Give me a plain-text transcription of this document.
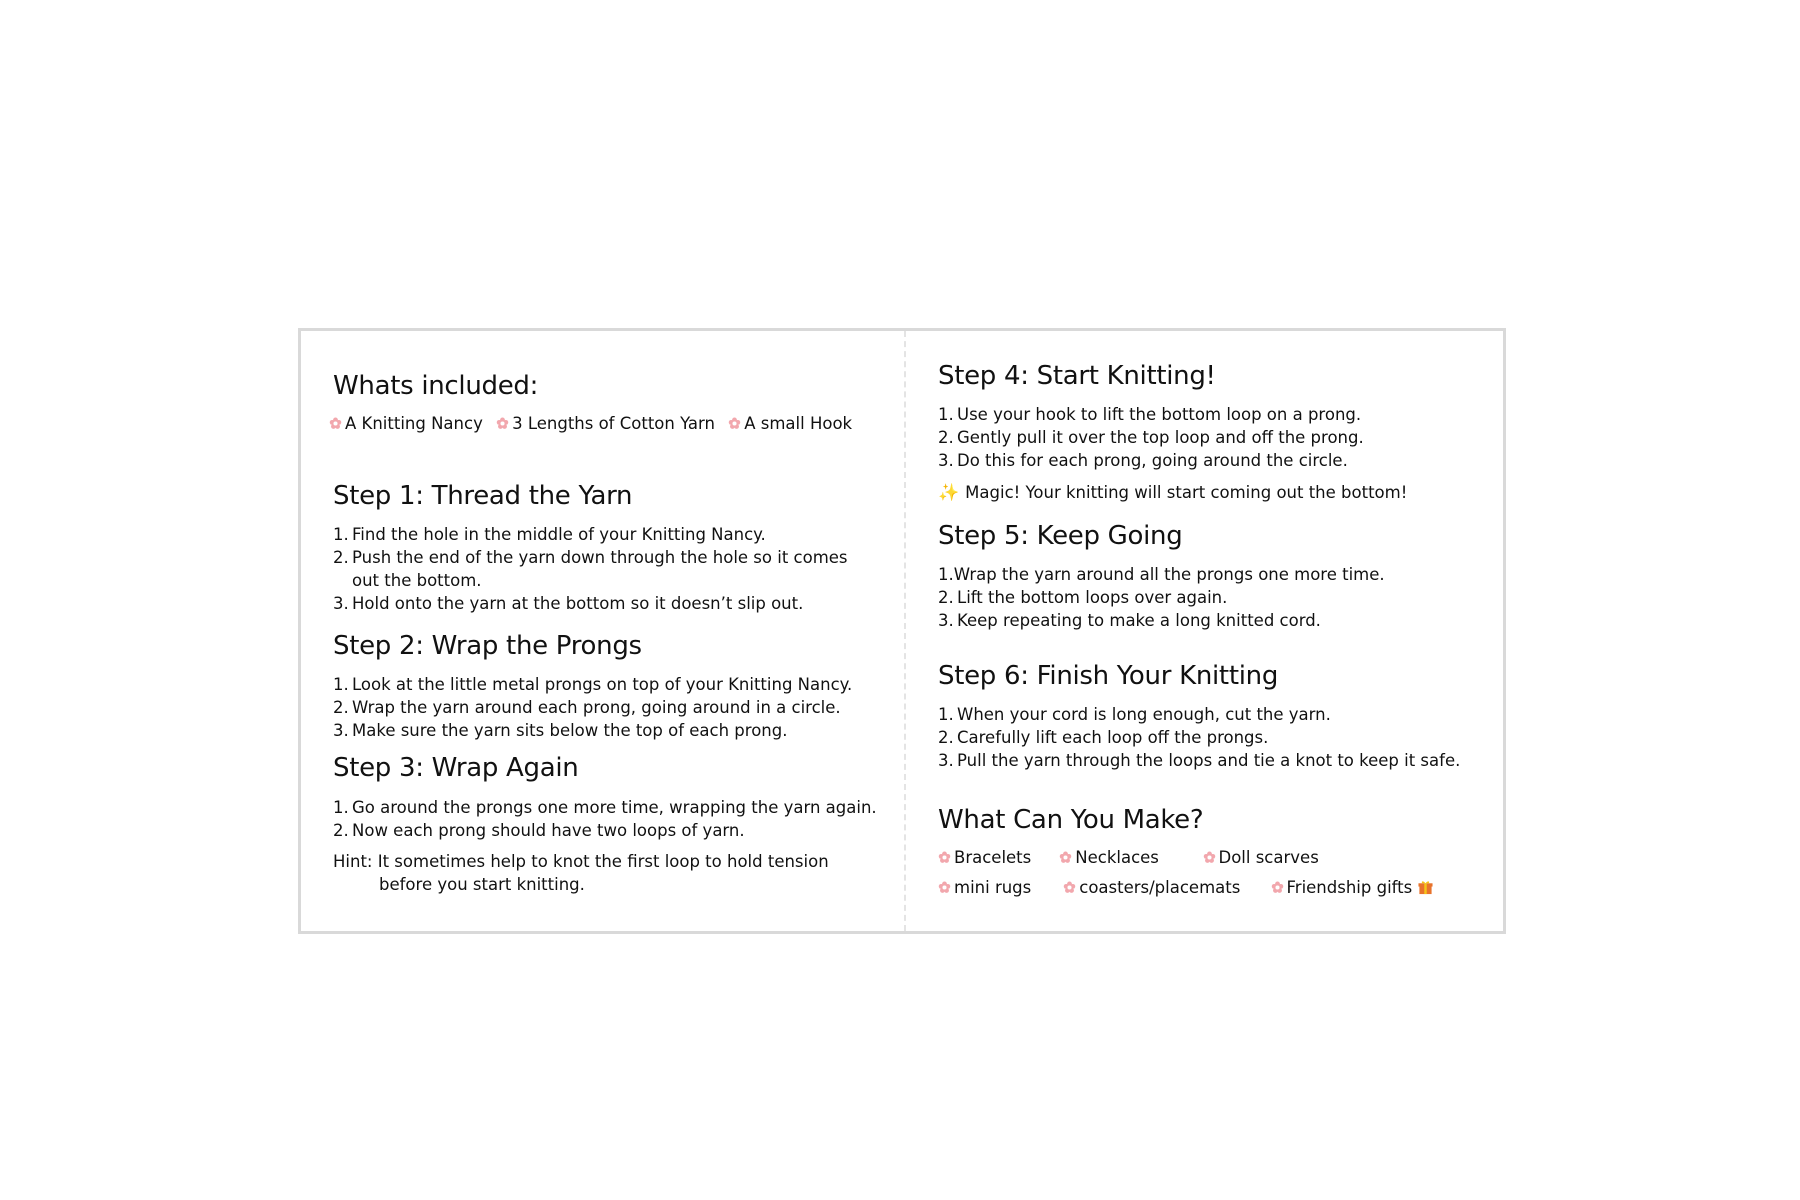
Whats included:
A Knitting Nancy 3 Lengths of Cotton Yarn A small Hook
Step 1: Thread the Yarn
1. Find the hole in the middle of your Knitting Nancy.
2. Push the end of the yarn down through the hole so it comes out the bottom.
3. Hold onto the yarn at the bottom so it doesn’t slip out.
Step 2: Wrap the Prongs
1. Look at the little metal prongs on top of your Knitting Nancy.
2. Wrap the yarn around each prong, going around in a circle.
3. Make sure the yarn sits below the top of each prong.
Step 3: Wrap Again
1. Go around the prongs one more time, wrapping the yarn again.
2. Now each prong should have two loops of yarn.
Hint: It sometimes help to knot the first loop to hold tension before you start knitting.
Step 4: Start Knitting!
1. Use your hook to lift the bottom loop on a prong.
2. Gently pull it over the top loop and off the prong.
3. Do this for each prong, going around the circle.
✨ Magic! Your knitting will start coming out the bottom!
Step 5: Keep Going
1.Wrap the yarn around all the prongs one more time.
2. Lift the bottom loops over again.
3. Keep repeating to make a long knitted cord.
Step 6: Finish Your Knitting
1. When your cord is long enough, cut the yarn.
2. Carefully lift each loop off the prongs.
3. Pull the yarn through the loops and tie a knot to keep it safe.
What Can You Make?
Bracelets	Necklaces	Doll scarves
mini rugs	coasters/placemats	Friendship gifts
